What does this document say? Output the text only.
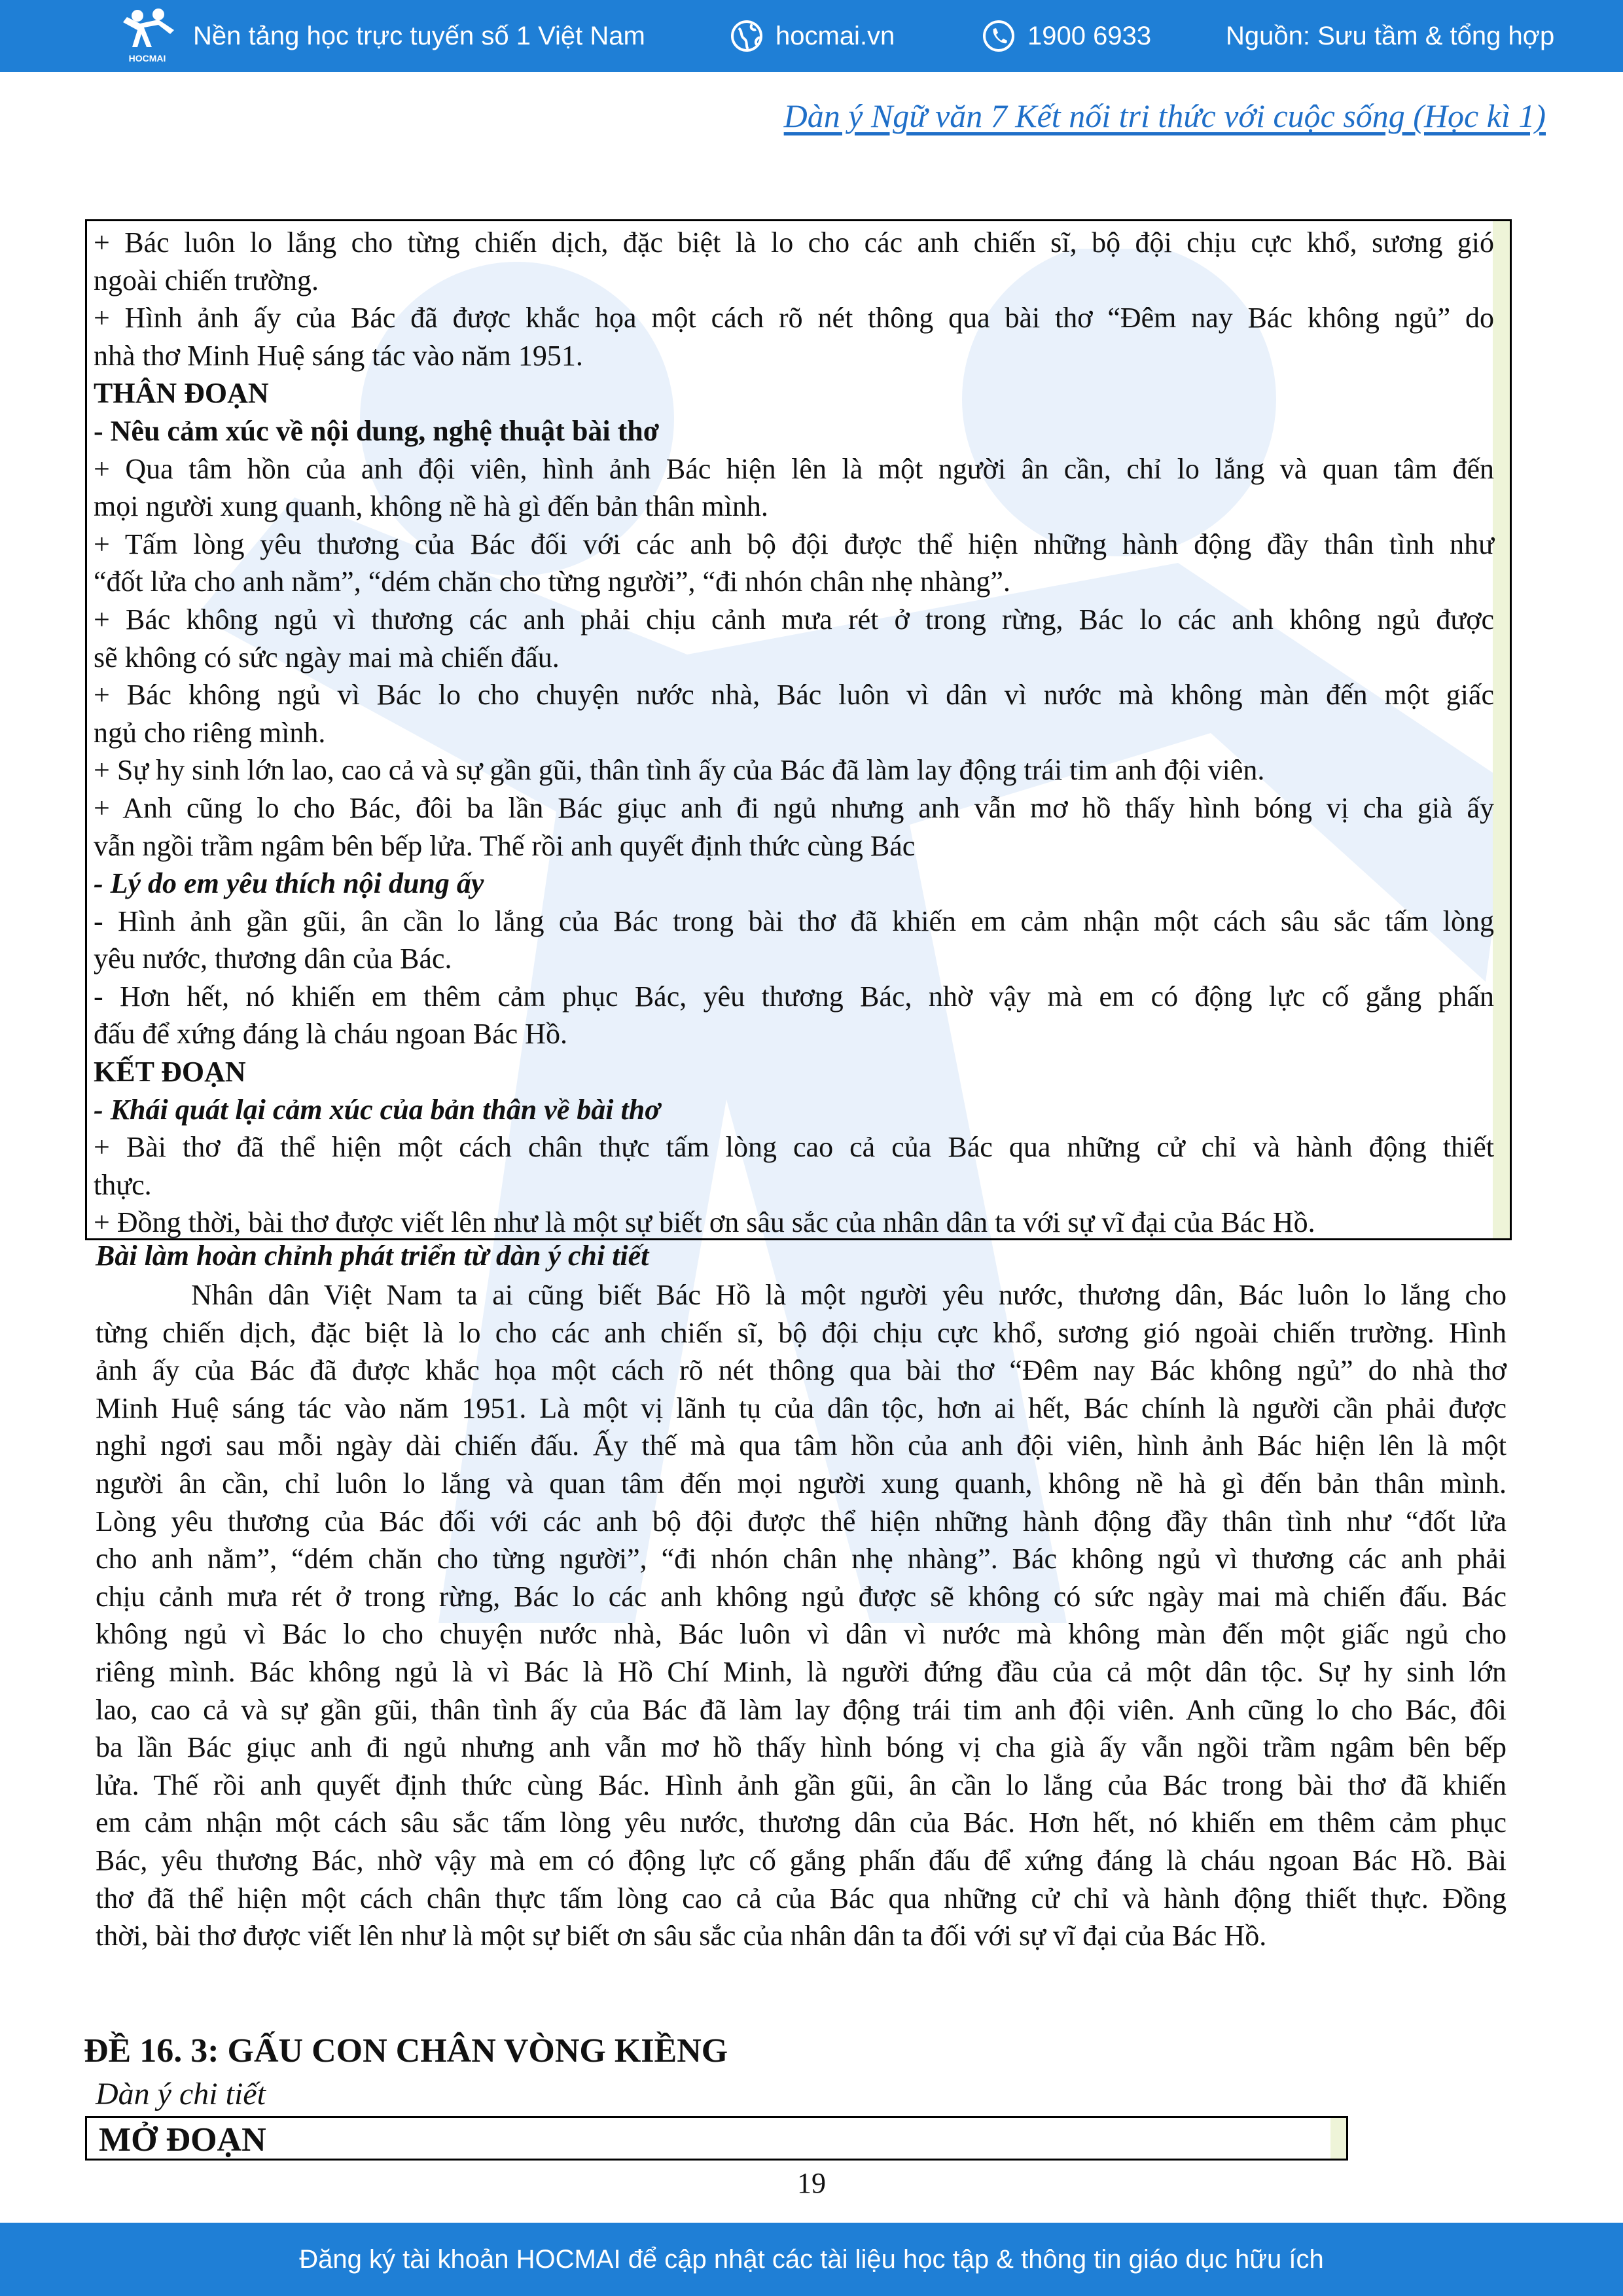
HOCMAI
Nền tảng học trực tuyến số 1 Việt Nam	hocmai.vn	1900 6933	Nguồn: Sưu tầm & tổng hợp
Dàn ý Ngữ văn 7 Kết nối tri thức với cuộc sống (Học kì 1)
+ Bác luôn lo lắng cho từng chiến dịch, đặc biệt là lo cho các anh chiến sĩ, bộ đội chịu cực khổ, sương gió
ngoài chiến trường.
+ Hình ảnh ấy của Bác đã được khắc họa một cách rõ nét thông qua bài thơ “Đêm nay Bác không ngủ” do
nhà thơ Minh Huệ sáng tác vào năm 1951.
THÂN ĐOẠN
- Nêu cảm xúc về nội dung, nghệ thuật bài thơ
+ Qua tâm hồn của anh đội viên, hình ảnh Bác hiện lên là một người ân cần, chỉ lo lắng và quan tâm đến
mọi người xung quanh, không nề hà gì đến bản thân mình.
+ Tấm lòng yêu thương của Bác đối với các anh bộ đội được thể hiện những hành động đầy thân tình như
“đốt lửa cho anh nằm”, “dém chăn cho từng người”, “đi nhón chân nhẹ nhàng”.
+ Bác không ngủ vì thương các anh phải chịu cảnh mưa rét ở trong rừng, Bác lo các anh không ngủ được
sẽ không có sức ngày mai mà chiến đấu.
+ Bác không ngủ vì Bác lo cho chuyện nước nhà, Bác luôn vì dân vì nước mà không màn đến một giấc
ngủ cho riêng mình.
+ Sự hy sinh lớn lao, cao cả và sự gần gũi, thân tình ấy của Bác đã làm lay động trái tim anh đội viên.
+ Anh cũng lo cho Bác, đôi ba lần Bác giục anh đi ngủ nhưng anh vẫn mơ hồ thấy hình bóng vị cha già ấy
vẫn ngồi trầm ngâm bên bếp lửa. Thế rồi anh quyết định thức cùng Bác
- Lý do em yêu thích nội dung ấy
- Hình ảnh gần gũi, ân cần lo lắng của Bác trong bài thơ đã khiến em cảm nhận một cách sâu sắc tấm lòng
yêu nước, thương dân của Bác.
- Hơn hết, nó khiến em thêm cảm phục Bác, yêu thương Bác, nhờ vậy mà em có động lực cố gắng phấn
đấu để xứng đáng là cháu ngoan Bác Hồ.
KẾT ĐOẠN
- Khái quát lại cảm xúc của bản thân về bài thơ
+ Bài thơ đã thể hiện một cách chân thực tấm lòng cao cả của Bác qua những cử chỉ và hành động thiết
thực.
+ Đồng thời, bài thơ được viết lên như là một sự biết ơn sâu sắc của nhân dân ta với sự vĩ đại của Bác Hồ.
Bài làm hoàn chỉnh phát triển từ dàn ý chi tiết
Nhân dân Việt Nam ta ai cũng biết Bác Hồ là một người yêu nước, thương dân, Bác luôn lo lắng cho
từng chiến dịch, đặc biệt là lo cho các anh chiến sĩ, bộ đội chịu cực khổ, sương gió ngoài chiến trường. Hình
ảnh ấy của Bác đã được khắc họa một cách rõ nét thông qua bài thơ “Đêm nay Bác không ngủ” do nhà thơ
Minh Huệ sáng tác vào năm 1951. Là một vị lãnh tụ của dân tộc, hơn ai hết, Bác chính là người cần phải được
nghỉ ngơi sau mỗi ngày dài chiến đấu. Ấy thế mà qua tâm hồn của anh đội viên, hình ảnh Bác hiện lên là một
người ân cần, chỉ luôn lo lắng và quan tâm đến mọi người xung quanh, không nề hà gì đến bản thân mình.
Lòng yêu thương của Bác đối với các anh bộ đội được thể hiện những hành động đầy thân tình như “đốt lửa
cho anh nằm”, “dém chăn cho từng người”, “đi nhón chân nhẹ nhàng”. Bác không ngủ vì thương các anh phải
chịu cảnh mưa rét ở trong rừng, Bác lo các anh không ngủ được sẽ không có sức ngày mai mà chiến đấu. Bác
không ngủ vì Bác lo cho chuyện nước nhà, Bác luôn vì dân vì nước mà không màn đến một giấc ngủ cho
riêng mình. Bác không ngủ là vì Bác là Hồ Chí Minh, là người đứng đầu của cả một dân tộc. Sự hy sinh lớn
lao, cao cả và sự gần gũi, thân tình ấy của Bác đã làm lay động trái tim anh đội viên. Anh cũng lo cho Bác, đôi
ba lần Bác giục anh đi ngủ nhưng anh vẫn mơ hồ thấy hình bóng vị cha già ấy vẫn ngồi trầm ngâm bên bếp
lửa. Thế rồi anh quyết định thức cùng Bác. Hình ảnh gần gũi, ân cần lo lắng của Bác trong bài thơ đã khiến
em cảm nhận một cách sâu sắc tấm lòng yêu nước, thương dân của Bác. Hơn hết, nó khiến em thêm cảm phục
Bác, yêu thương Bác, nhờ vậy mà em có động lực cố gắng phấn đấu để xứng đáng là cháu ngoan Bác Hồ. Bài
thơ đã thể hiện một cách chân thực tấm lòng cao cả của Bác qua những cử chỉ và hành động thiết thực. Đồng
thời, bài thơ được viết lên như là một sự biết ơn sâu sắc của nhân dân ta đối với sự vĩ đại của Bác Hồ.
ĐỀ 16. 3: GẤU CON CHÂN VÒNG KIỀNG
Dàn ý chi tiết
MỞ ĐOẠN
19
Đăng ký tài khoản HOCMAI để cập nhật các tài liệu học tập & thông tin giáo dục hữu ích
